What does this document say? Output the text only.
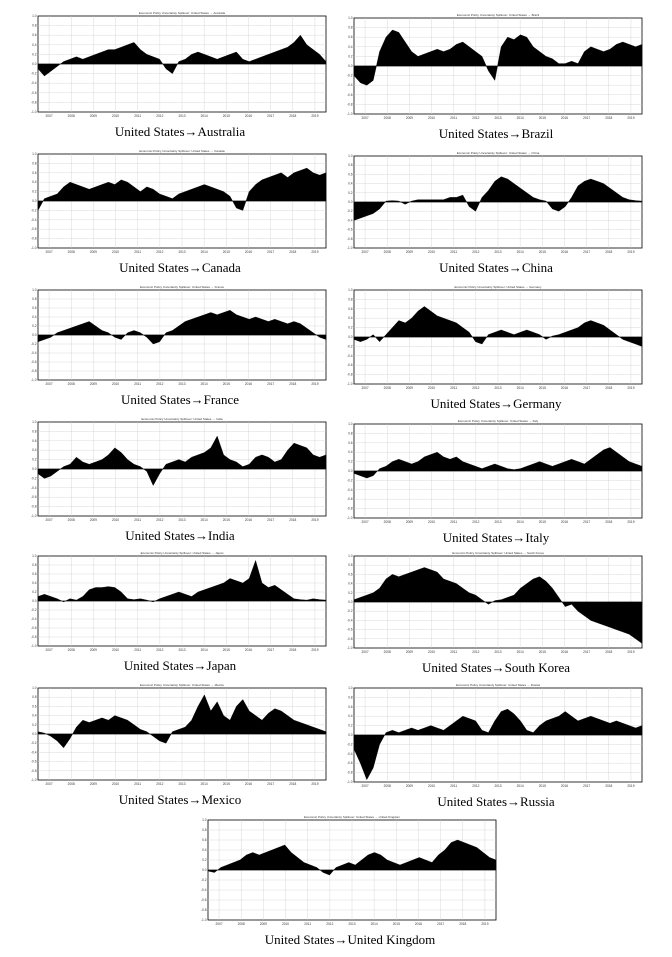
Economic Policy Uncertainty Spillover: United States → Australia
-1.0
-0.8
-0.6
-0.4
-0.2
0.0
0.2
0.4
0.6
0.8
1.0
2007	2008	2009	2010	2011	2012	2013	2014	2015	2016	2017	2018	2019
United States→Australia
Economic Policy Uncertainty Spillover: United States → Brazil
-1.0
-0.8
-0.6
-0.4
-0.2
0.0
0.2
0.4
0.6
0.8
1.0
2007	2008	2009	2010	2011	2012	2013	2014	2015	2016	2017	2018	2019
United States→Brazil
Economic Policy Uncertainty Spillover: United States → Canada
-1.0
-0.8
-0.6
-0.4
-0.2
0.0
0.2
0.4
0.6
0.8
1.0
2007	2008	2009	2010	2011	2012	2013	2014	2015	2016	2017	2018	2019
United States→Canada
Economic Policy Uncertainty Spillover: United States → China
-1.0
-0.8
-0.6
-0.4
-0.2
0.0
0.2
0.4
0.6
0.8
1.0
2007	2008	2009	2010	2011	2012	2013	2014	2015	2016	2017	2018	2019
United States→China
Economic Policy Uncertainty Spillover: United States → France
-1.0
-0.8
-0.6
-0.4
-0.2
0.0
0.2
0.4
0.6
0.8
1.0
2007	2008	2009	2010	2011	2012	2013	2014	2015	2016	2017	2018	2019
United States→France
Economic Policy Uncertainty Spillover: United States → Germany
-1.0
-0.8
-0.6
-0.4
-0.2
0.0
0.2
0.4
0.6
0.8
1.0
2007	2008	2009	2010	2011	2012	2013	2014	2015	2016	2017	2018	2019
United States→Germany
Economic Policy Uncertainty Spillover: United States → India
-1.0
-0.8
-0.6
-0.4
-0.2
0.0
0.2
0.4
0.6
0.8
1.0
2007	2008	2009	2010	2011	2012	2013	2014	2015	2016	2017	2018	2019
United States→India
Economic Policy Uncertainty Spillover: United States → Italy
-1.0
-0.8
-0.6
-0.4
-0.2
0.0
0.2
0.4
0.6
0.8
1.0
2007	2008	2009	2010	2011	2012	2013	2014	2015	2016	2017	2018	2019
United States→Italy
Economic Policy Uncertainty Spillover: United States → Japan
-1.0
-0.8
-0.6
-0.4
-0.2
0.0
0.2
0.4
0.6
0.8
1.0
2007	2008	2009	2010	2011	2012	2013	2014	2015	2016	2017	2018	2019
United States→Japan
Economic Policy Uncertainty Spillover: United States → South Korea
-1.0
-0.8
-0.6
-0.4
-0.2
0.0
0.2
0.4
0.6
0.8
1.0
2007	2008	2009	2010	2011	2012	2013	2014	2015	2016	2017	2018	2019
United States→South Korea
Economic Policy Uncertainty Spillover: United States → Mexico
-1.0
-0.8
-0.6
-0.4
-0.2
0.0
0.2
0.4
0.6
0.8
1.0
2007	2008	2009	2010	2011	2012	2013	2014	2015	2016	2017	2018	2019
United States→Mexico
Economic Policy Uncertainty Spillover: United States → Russia
-1.0
-0.8
-0.6
-0.4
-0.2
0.0
0.2
0.4
0.6
0.8
1.0
2007	2008	2009	2010	2011	2012	2013	2014	2015	2016	2017	2018	2019
United States→Russia
Economic Policy Uncertainty Spillover: United States → United Kingdom
-1.0
-0.8
-0.6
-0.4
-0.2
0.0
0.2
0.4
0.6
0.8
1.0
2007	2008	2009	2010	2011	2012	2013	2014	2015	2016	2017	2018	2019
United States→United Kingdom
